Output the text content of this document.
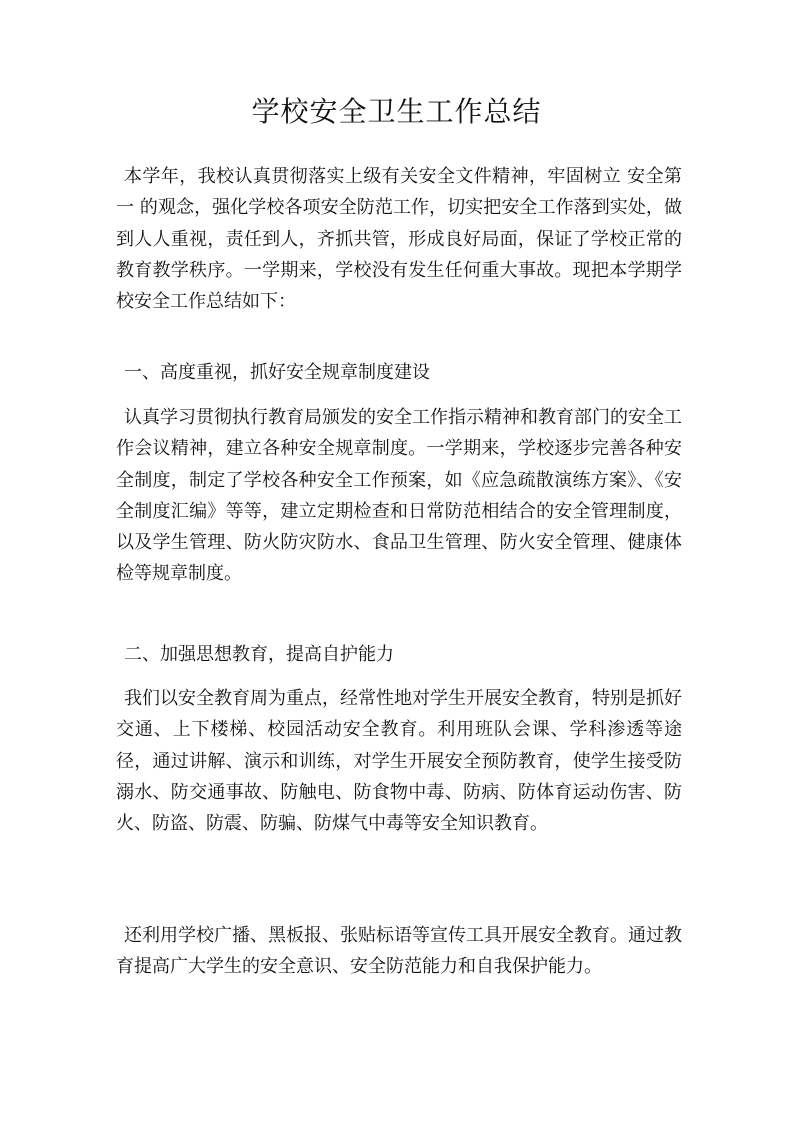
学校安全卫生工作总结

本学年，我校认真贯彻落实上级有关安全文件精神，牢固树立 安全第一 的观念，强化学校各项安全防范工作，切实把安全工作落到实处，做到人人重视，责任到人，齐抓共管，形成良好局面，保证了学校正常的教育教学秩序。一学期来，学校没有发生任何重大事故。现把本学期学校安全工作总结如下：

一、高度重视，抓好安全规章制度建设

认真学习贯彻执行教育局颁发的安全工作指示精神和教育部门的安全工作会议精神，建立各种安全规章制度。一学期来，学校逐步完善各种安全制度，制定了学校各种安全工作预案，如《应急疏散演练方案》、《安全制度汇编》等等，建立定期检查和日常防范相结合的安全管理制度，以及学生管理、防火防灾防水、食品卫生管理、防火安全管理、健康体检等规章制度。

二、加强思想教育，提高自护能力

我们以安全教育周为重点，经常性地对学生开展安全教育，特别是抓好交通、上下楼梯、校园活动安全教育。利用班队会课、学科渗透等途径，通过讲解、演示和训练，对学生开展安全预防教育，使学生接受防溺水、防交通事故、防触电、防食物中毒、防病、防体育运动伤害、防火、防盗、防震、防骗、防煤气中毒等安全知识教育。

还利用学校广播、黑板报、张贴标语等宣传工具开展安全教育。通过教育提高广大学生的安全意识、安全防范能力和自我保护能力。
